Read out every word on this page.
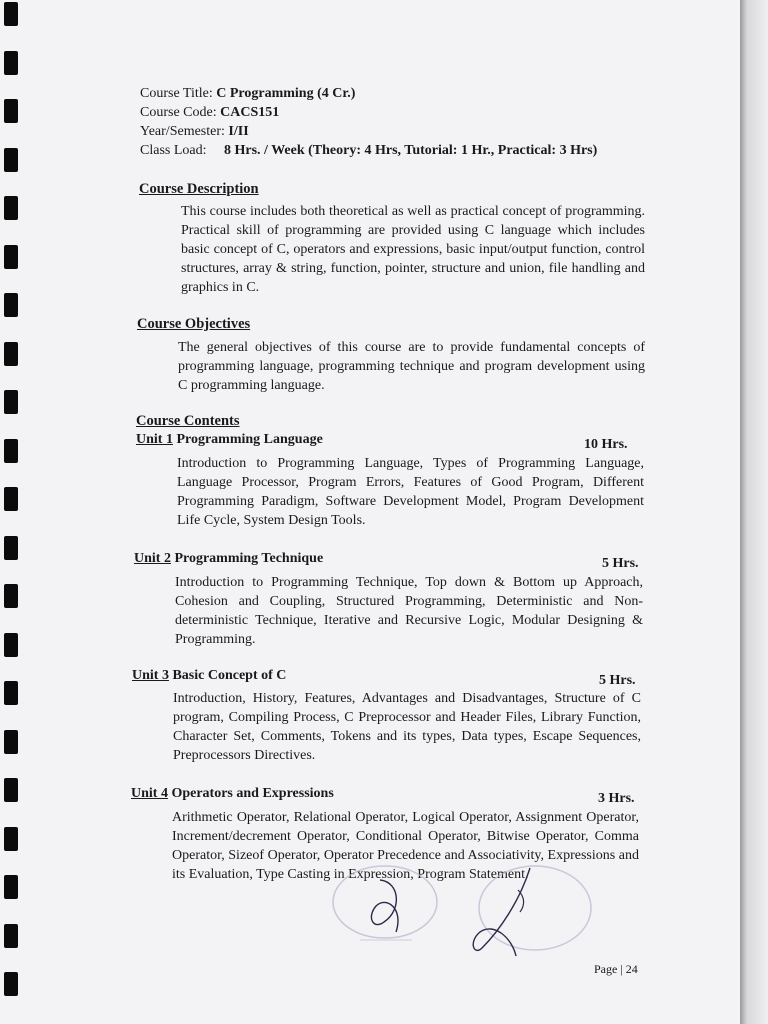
Course Title: C Programming (4 Cr.)
Course Code: CACS151
Year/Semester: I/II
Class Load: 8 Hrs. / Week (Theory: 4 Hrs, Tutorial: 1 Hr., Practical: 3 Hrs)
Course Description
This course includes both theoretical as well as practical concept of programming. Practical skill of programming are provided using C language which includes basic concept of C, operators and expressions, basic input/output function, control structures, array & string, function, pointer, structure and union, file handling and graphics in C.
Course Objectives
The general objectives of this course are to provide fundamental concepts of programming language, programming technique and program development using C programming language.
Course Contents
Unit 1 Programming Language	10 Hrs.
Introduction to Programming Language, Types of Programming Language, Language Processor, Program Errors, Features of Good Program, Different Programming Paradigm, Software Development Model, Program Development Life Cycle, System Design Tools.
Unit 2 Programming Technique	5 Hrs.
Introduction to Programming Technique, Top down & Bottom up Approach, Cohesion and Coupling, Structured Programming, Deterministic and Non-deterministic Technique, Iterative and Recursive Logic, Modular Designing & Programming.
Unit 3 Basic Concept of C	5 Hrs.
Introduction, History, Features, Advantages and Disadvantages, Structure of C program, Compiling Process, C Preprocessor and Header Files, Library Function, Character Set, Comments, Tokens and its types, Data types, Escape Sequences, Preprocessors Directives.
Unit 4 Operators and Expressions	3 Hrs.
Arithmetic Operator, Relational Operator, Logical Operator, Assignment Operator, Increment/decrement Operator, Conditional Operator, Bitwise Operator, Comma Operator, Sizeof Operator, Operator Precedence and Associativity, Expressions and its Evaluation, Type Casting in Expression, Program Statement.
Page | 24
